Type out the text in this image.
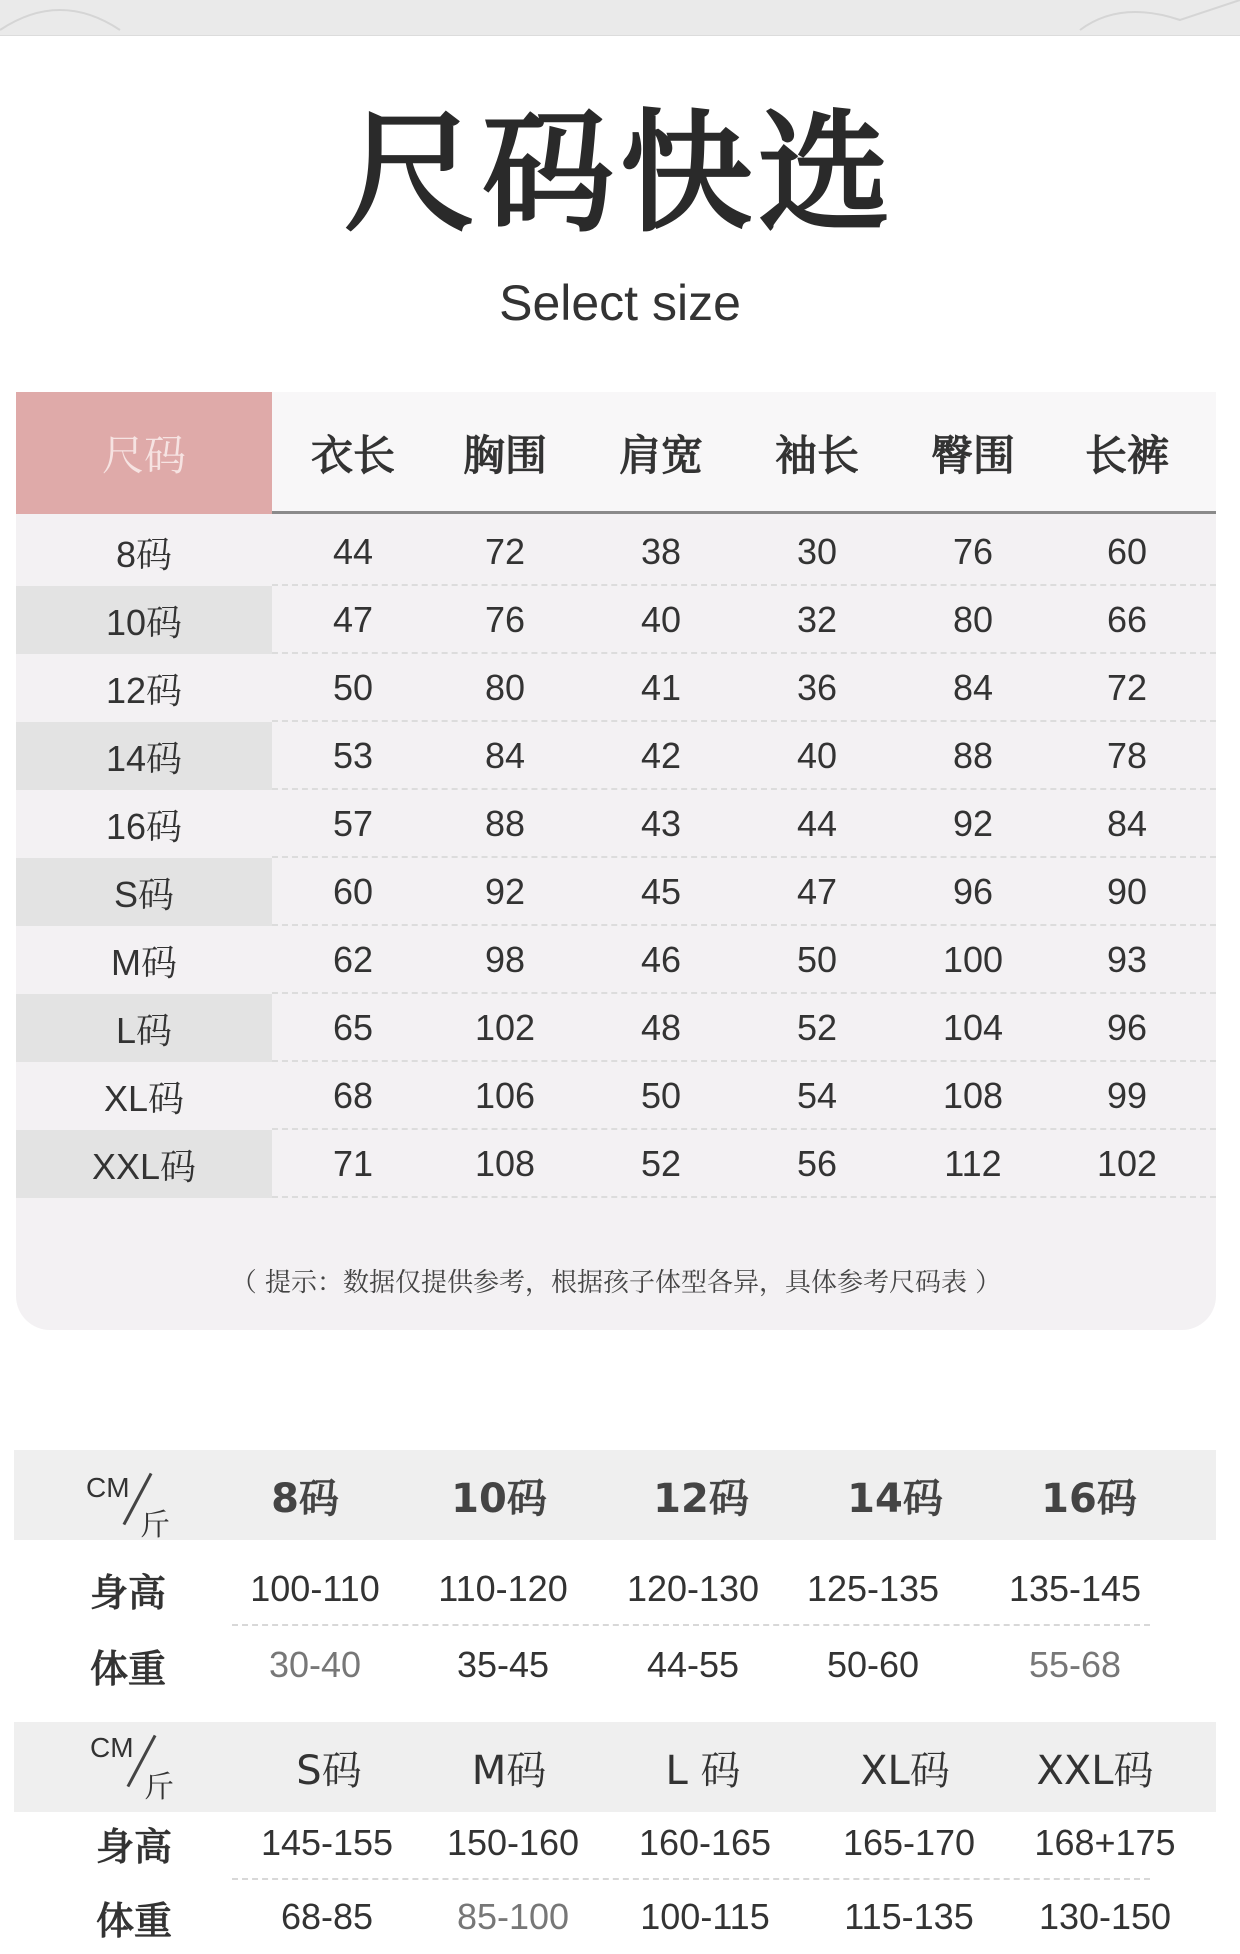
尺码快选
Select size
尺码	衣长	胸围	肩宽	袖长	臀围	长裤
8码	44	72	38	30	76	60
10码	47	76	40	32	80	66
12码	50	80	41	36	84	72
14码	53	84	42	40	88	78
16码	57	88	43	44	92	84
S码	60	92	45	47	96	90
M码	62	98	46	50	100	93
L码	65	102	48	52	104	96
XL码	68	106	50	54	108	99
XXL码	71	108	52	56	112	102
（ 提示：数据仅提供参考，根据孩子体型各异，具体参考尺码表 ）
CM
斤
8码	10码	12码	14码	16码
身高	100-110	110-120	120-130	125-135	135-145
体重	30-40	35-45	44-55	50-60	55-68
CM
斤	S码	M码	L 码	XL码	XXL码
身高	145-155	150-160	160-165	165-170	168+175
体重	68-85	85-100	100-115	115-135	130-150
